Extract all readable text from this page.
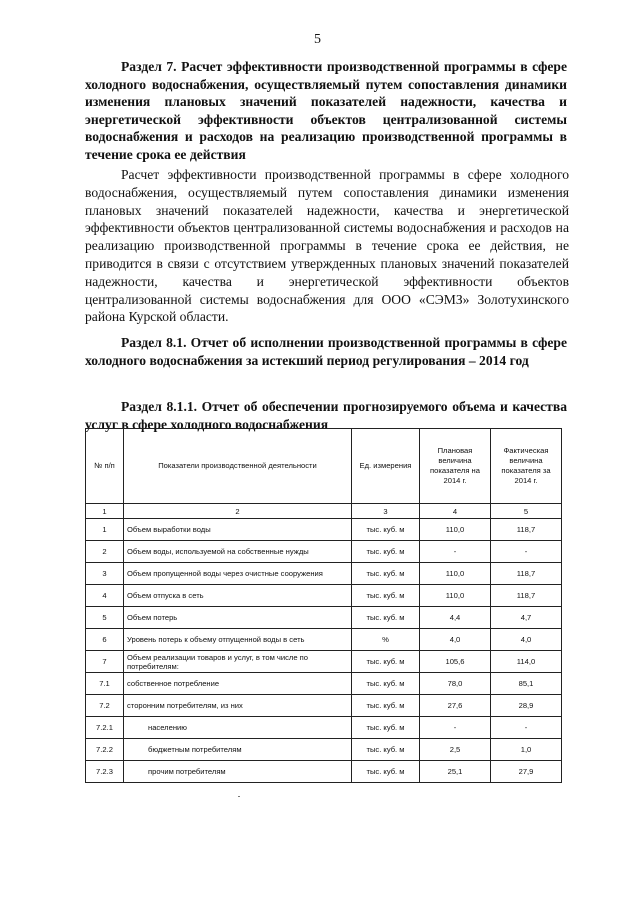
5

Раздел 7. Расчет эффективности производственной программы в сфере холодного водоснабжения, осуществляемый путем сопоставления динамики изменения плановых значений показателей надежности, качества и энергетической эффективности объектов централизованной системы водоснабжения и расходов на реализацию производственной программы в течение срока ее действия

Расчет эффективности производственной программы в сфере холодного водоснабжения, осуществляемый путем сопоставления динамики изменения плановых значений показателей надежности, качества и энергетической эффективности объектов централизованной системы водоснабжения и расходов на реализацию производственной программы в течение срока ее действия, не приводится в связи с отсутствием утвержденных плановых значений показателей надежности, качества и энергетической эффективности объектов централизованной системы водоснабжения для ООО «СЭМЗ» Золотухинского района Курской области.

Раздел 8.1. Отчет об исполнении производственной программы в сфере холодного водоснабжения за истекший период регулирования – 2014 год

Раздел 8.1.1. Отчет об обеспечении прогнозируемого объема и качества услуг в сфере холодного водоснабжения

№ п/п	Показатели производственной деятельности	Ед. измерения	Плановая величина показателя на 2014 г.	Фактическая величина показателя за 2014 г.
1	2	3	4	5
1	Объем выработки воды	тыс. куб. м	110,0	118,7
2	Объем воды, используемой на собственные нужды	тыс. куб. м	-	-
3	Объем пропущенной воды через очистные сооружения	тыс. куб. м	110,0	118,7
4	Объем отпуска в сеть	тыс. куб. м	110,0	118,7
5	Объем потерь	тыс. куб. м	4,4	4,7
6	Уровень потерь к объему отпущенной воды в сеть	%	4,0	4,0
7	Объем реализации товаров и услуг, в том числе по потребителям:	тыс. куб. м	105,6	114,0
7.1	собственное потребление	тыс. куб. м	78,0	85,1
7.2	сторонним потребителям, из них	тыс. куб. м	27,6	28,9
7.2.1	населению	тыс. куб. м	-	-
7.2.2	бюджетным потребителям	тыс. куб. м	2,5	1,0
7.2.3	прочим потребителям	тыс. куб. м	25,1	27,9
